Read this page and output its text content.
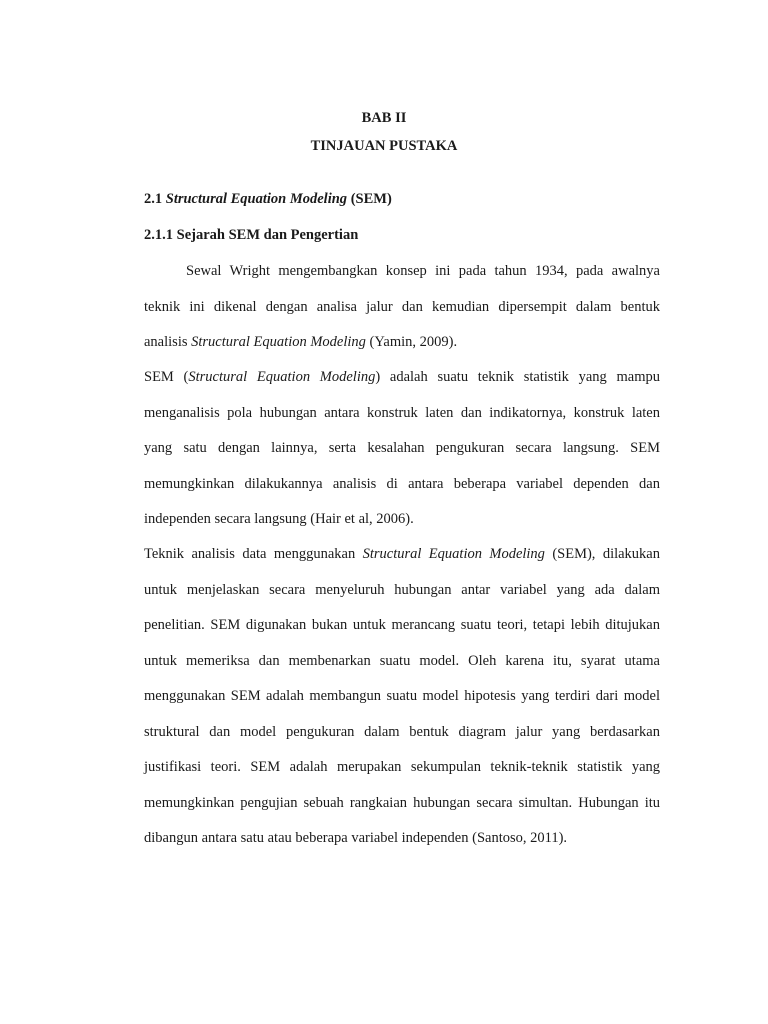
BAB II
TINJAUAN PUSTAKA
2.1 Structural Equation Modeling (SEM)
2.1.1 Sejarah SEM dan Pengertian
Sewal Wright mengembangkan konsep ini pada tahun 1934, pada awalnya
teknik ini dikenal dengan analisa jalur dan kemudian dipersempit dalam bentuk
analisis Structural Equation Modeling (Yamin, 2009).
SEM (Structural Equation Modeling) adalah suatu teknik statistik yang mampu
menganalisis pola hubungan antara konstruk laten dan indikatornya, konstruk laten
yang satu dengan lainnya, serta kesalahan pengukuran secara langsung. SEM
memungkinkan dilakukannya analisis di antara beberapa variabel dependen dan
independen secara langsung (Hair et al, 2006).
Teknik analisis data menggunakan Structural Equation Modeling (SEM), dilakukan
untuk menjelaskan secara menyeluruh hubungan antar variabel yang ada dalam
penelitian. SEM digunakan bukan untuk merancang suatu teori, tetapi lebih ditujukan
untuk memeriksa dan membenarkan suatu model. Oleh karena itu, syarat utama
menggunakan SEM adalah membangun suatu model hipotesis yang terdiri dari model
struktural dan model pengukuran dalam bentuk diagram jalur yang berdasarkan
justifikasi teori. SEM adalah merupakan sekumpulan teknik-teknik statistik yang
memungkinkan pengujian sebuah rangkaian hubungan secara simultan. Hubungan itu
dibangun antara satu atau beberapa variabel independen (Santoso, 2011).
